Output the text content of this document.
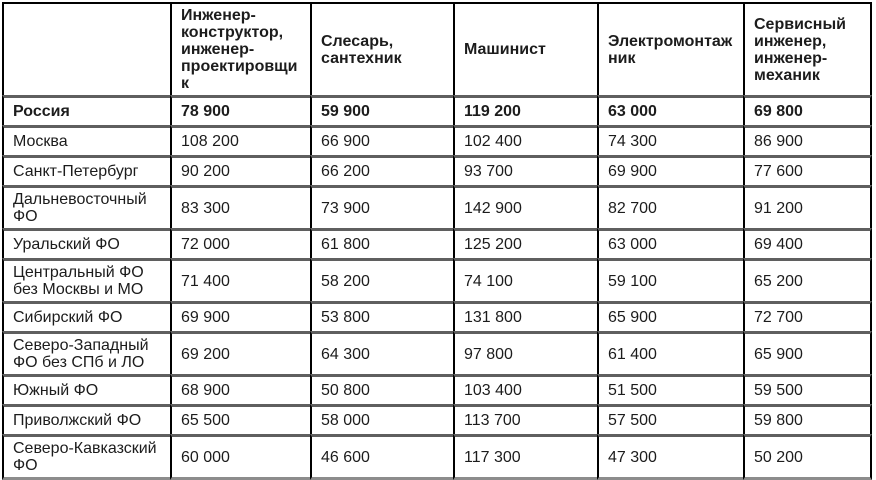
	Инженер-конструктор, инженер-проектировщик	Слесарь, сантехник	Машинист	Электромонтаж​ник	Сервисный инженер, инженер-механик
Россия	78 900	59 900	119 200	63 000	69 800
Москва	108 200	66 900	102 400	74 300	86 900
Санкт-Петербург	90 200	66 200	93 700	69 900	77 600
Дальневосточный ФО	83 300	73 900	142 900	82 700	91 200
Уральский ФО	72 000	61 800	125 200	63 000	69 400
Центральный ФО без Москвы и МО	71 400	58 200	74 100	59 100	65 200
Сибирский ФО	69 900	53 800	131 800	65 900	72 700
Северо-Западный ФО без СПб и ЛО	69 200	64 300	97 800	61 400	65 900
Южный ФО	68 900	50 800	103 400	51 500	59 500
Приволжский ФО	65 500	58 000	113 700	57 500	59 800
Северо-Кавказский ФО	60 000	46 600	117 300	47 300	50 200
